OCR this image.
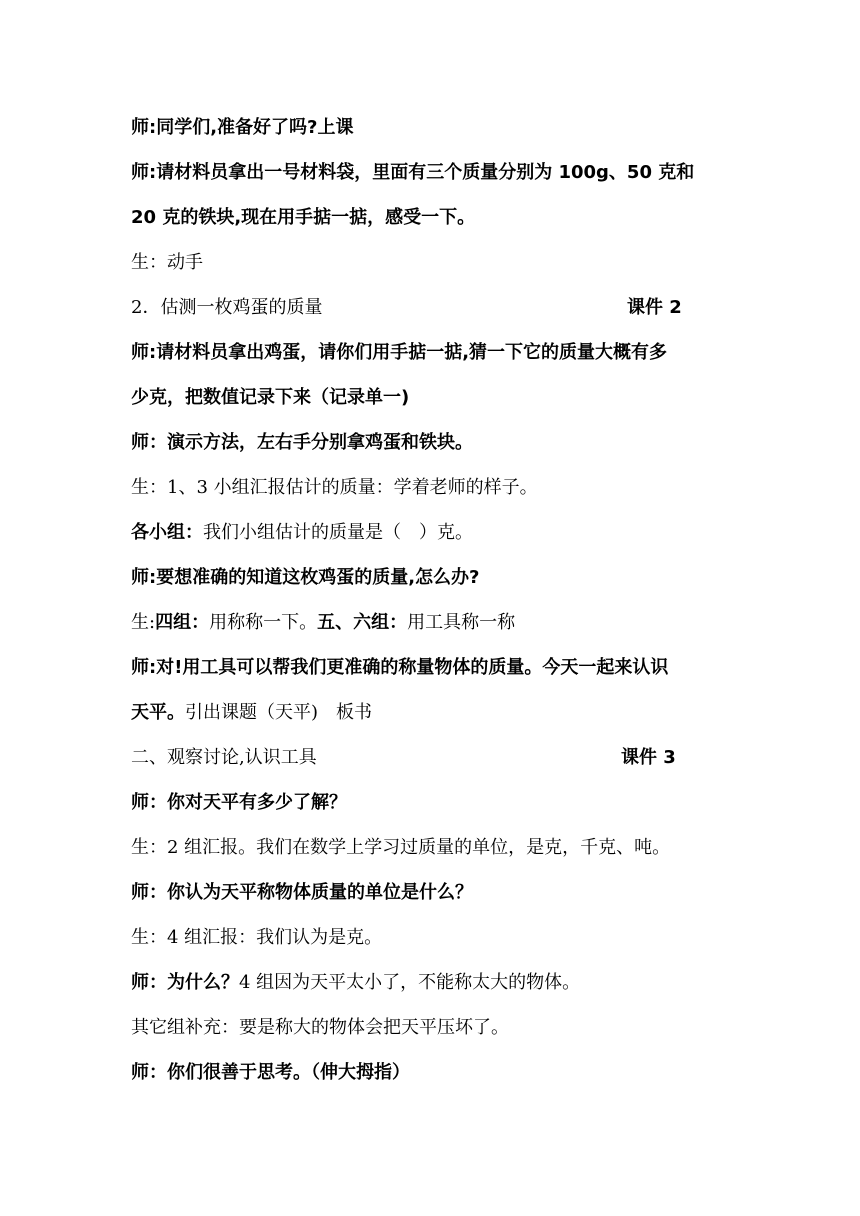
师:同学们,准备好了吗?上课
师:请材料员拿出一号材料袋，里面有三个质量分别为 100g、50 克和
20 克的铁块,现在用手掂一掂，感受一下。
生：动手
2．估测一枚鸡蛋的质量	课件 2
师:请材料员拿出鸡蛋，请你们用手掂一掂,猜一下它的质量大概有多
少克，把数值记录下来（记录单一)
师：演示方法，左右手分别拿鸡蛋和铁块。
生：1、3 小组汇报估计的质量：学着老师的样子。
各小组：我们小组估计的质量是（　）克。
师:要想准确的知道这枚鸡蛋的质量,怎么办?
生:四组：用称称一下。五、六组：用工具称一称
师:对!用工具可以帮我们更准确的称量物体的质量。今天一起来认识
天平。引出课题（天平)　板书
二、观察讨论,认识工具	课件 3
师：你对天平有多少了解？
生：2 组汇报。我们在数学上学习过质量的单位，是克，千克、吨。
师：你认为天平称物体质量的单位是什么？
生：4 组汇报：我们认为是克。
师：为什么？4 组因为天平太小了，不能称太大的物体。
其它组补充：要是称大的物体会把天平压坏了。
师：你们很善于思考。（伸大拇指）
